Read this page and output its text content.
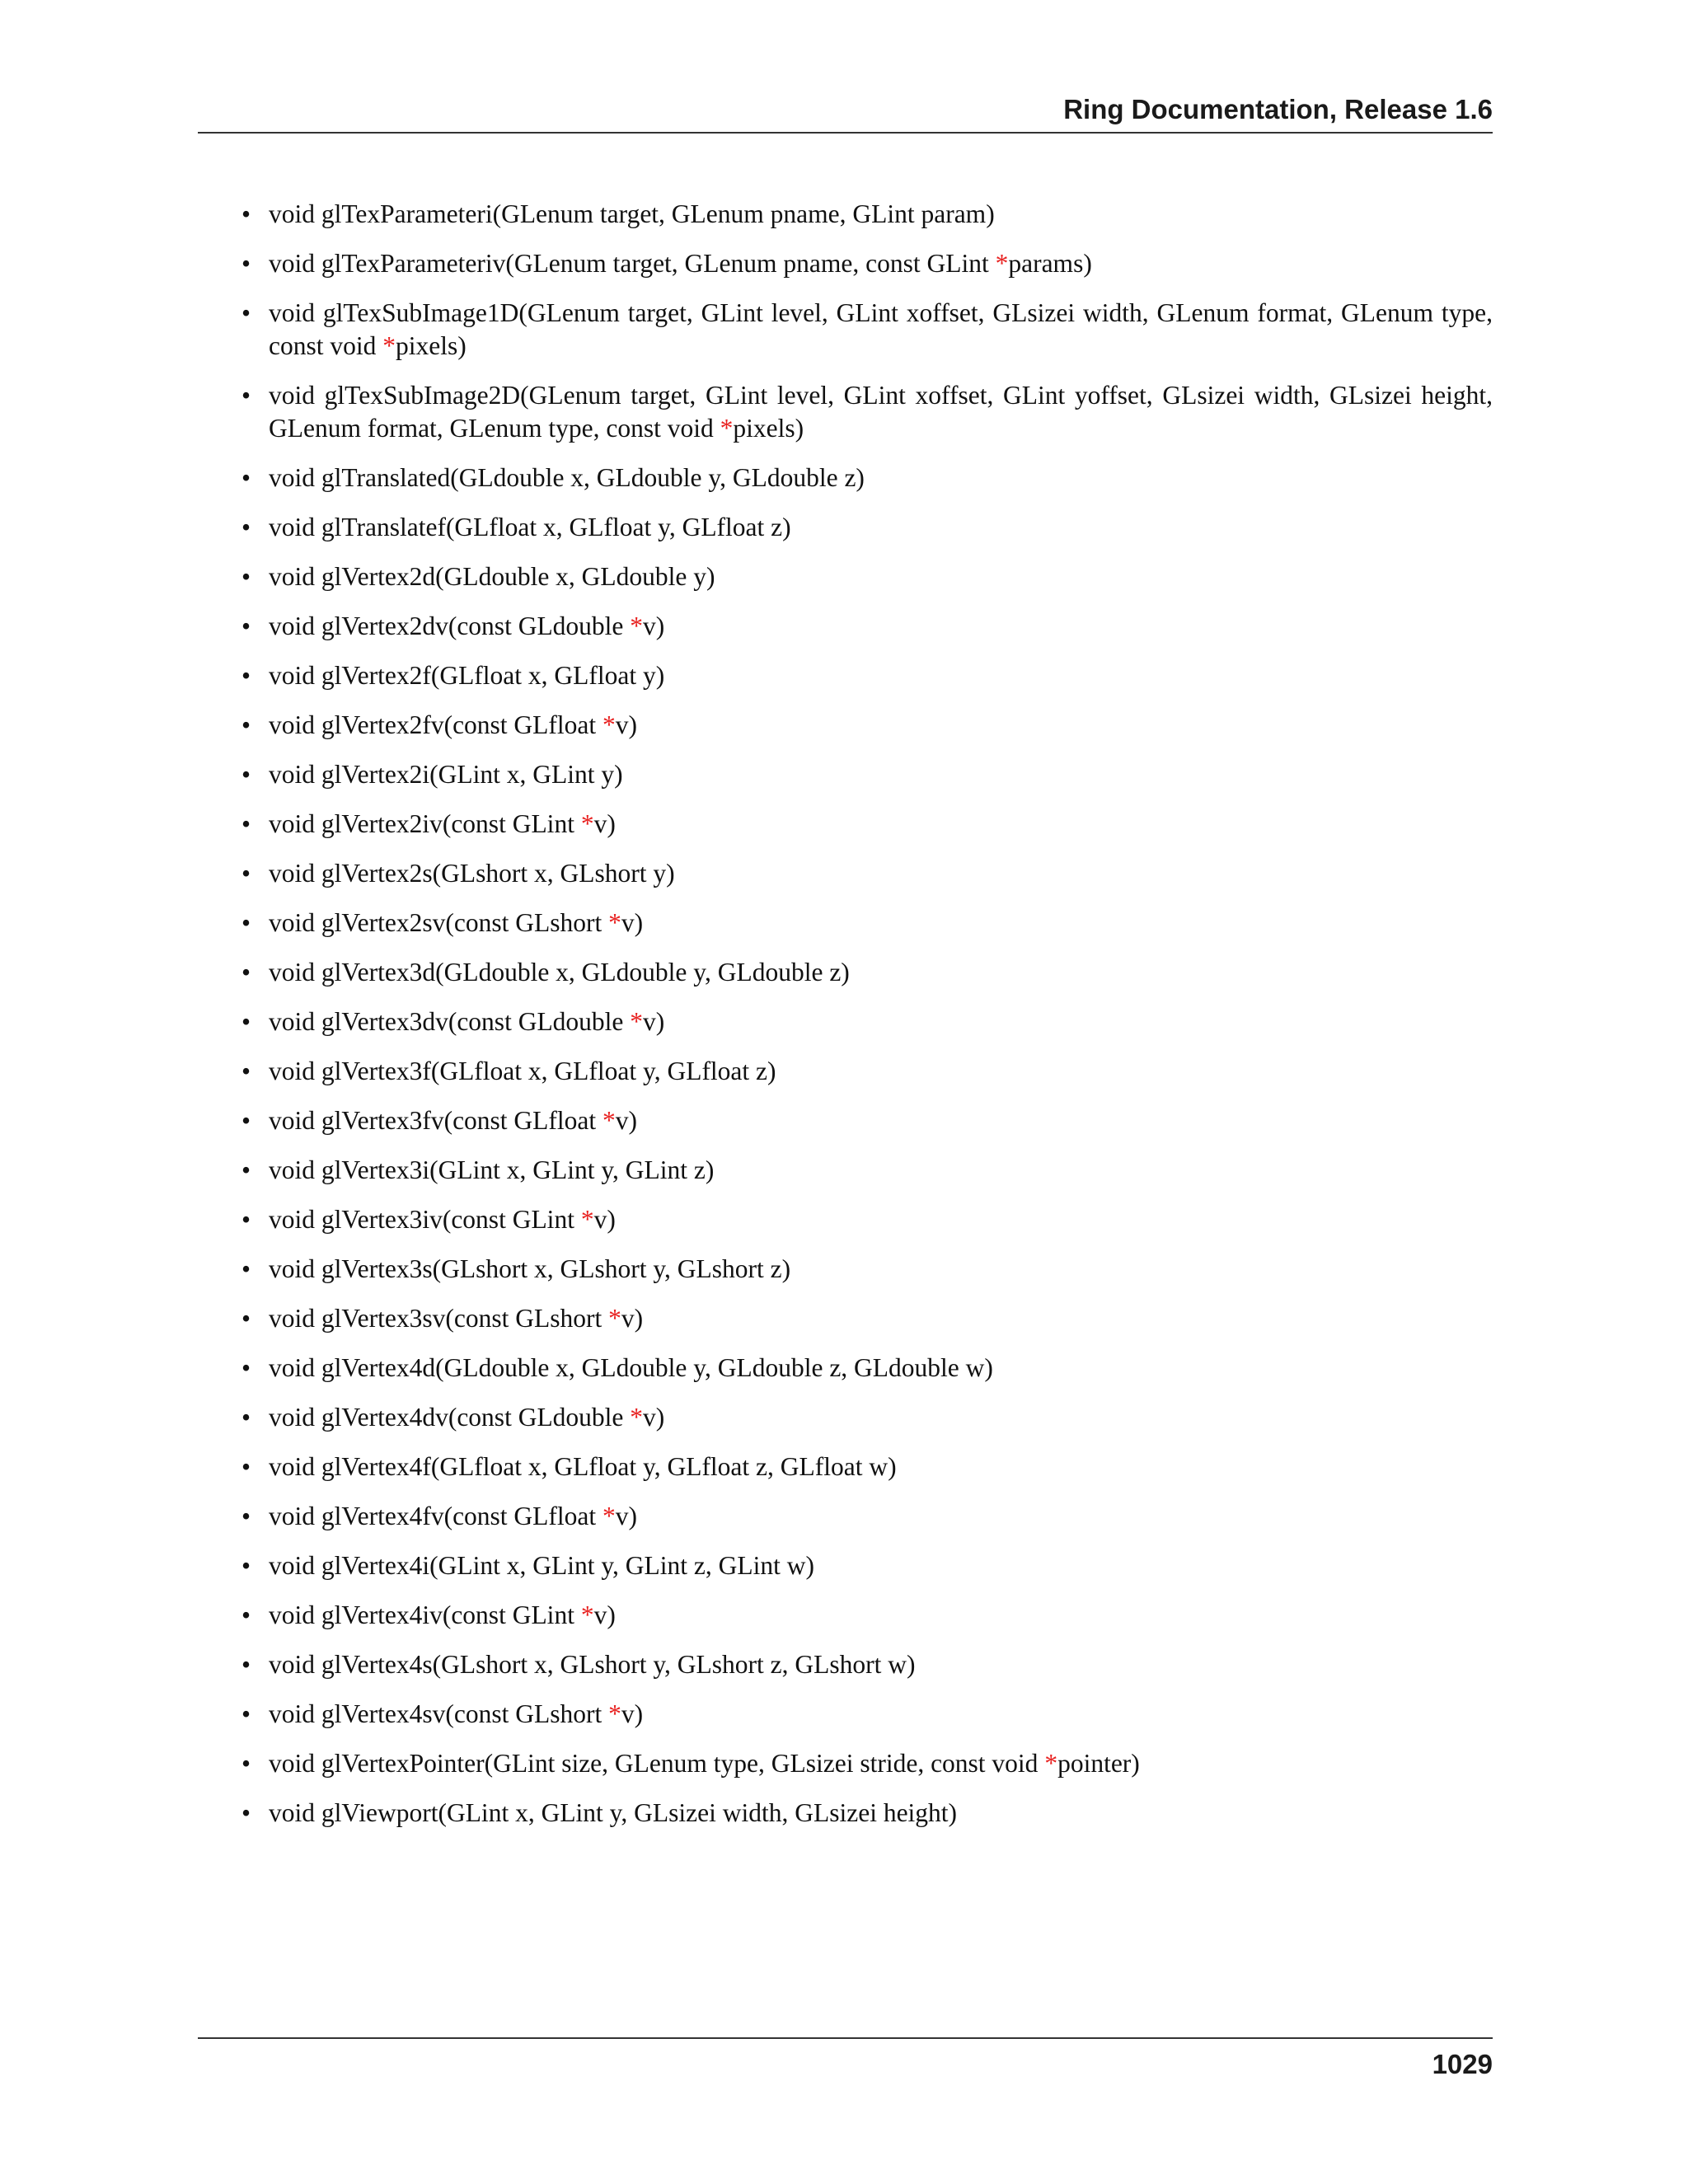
Ring Documentation, Release 1.6
• void glTexParameteri(GLenum target, GLenum pname, GLint param)
• void glTexParameteriv(GLenum target, GLenum pname, const GLint *params)
• void glTexSubImage1D(GLenum target, GLint level, GLint xoffset, GLsizei width, GLenum format, GLenum type, const void *pixels)
• void glTexSubImage2D(GLenum target, GLint level, GLint xoffset, GLint yoffset, GLsizei width, GLsizei height, GLenum format, GLenum type, const void *pixels)
• void glTranslated(GLdouble x, GLdouble y, GLdouble z)
• void glTranslatef(GLfloat x, GLfloat y, GLfloat z)
• void glVertex2d(GLdouble x, GLdouble y)
• void glVertex2dv(const GLdouble *v)
• void glVertex2f(GLfloat x, GLfloat y)
• void glVertex2fv(const GLfloat *v)
• void glVertex2i(GLint x, GLint y)
• void glVertex2iv(const GLint *v)
• void glVertex2s(GLshort x, GLshort y)
• void glVertex2sv(const GLshort *v)
• void glVertex3d(GLdouble x, GLdouble y, GLdouble z)
• void glVertex3dv(const GLdouble *v)
• void glVertex3f(GLfloat x, GLfloat y, GLfloat z)
• void glVertex3fv(const GLfloat *v)
• void glVertex3i(GLint x, GLint y, GLint z)
• void glVertex3iv(const GLint *v)
• void glVertex3s(GLshort x, GLshort y, GLshort z)
• void glVertex3sv(const GLshort *v)
• void glVertex4d(GLdouble x, GLdouble y, GLdouble z, GLdouble w)
• void glVertex4dv(const GLdouble *v)
• void glVertex4f(GLfloat x, GLfloat y, GLfloat z, GLfloat w)
• void glVertex4fv(const GLfloat *v)
• void glVertex4i(GLint x, GLint y, GLint z, GLint w)
• void glVertex4iv(const GLint *v)
• void glVertex4s(GLshort x, GLshort y, GLshort z, GLshort w)
• void glVertex4sv(const GLshort *v)
• void glVertexPointer(GLint size, GLenum type, GLsizei stride, const void *pointer)
• void glViewport(GLint x, GLint y, GLsizei width, GLsizei height)
1029
